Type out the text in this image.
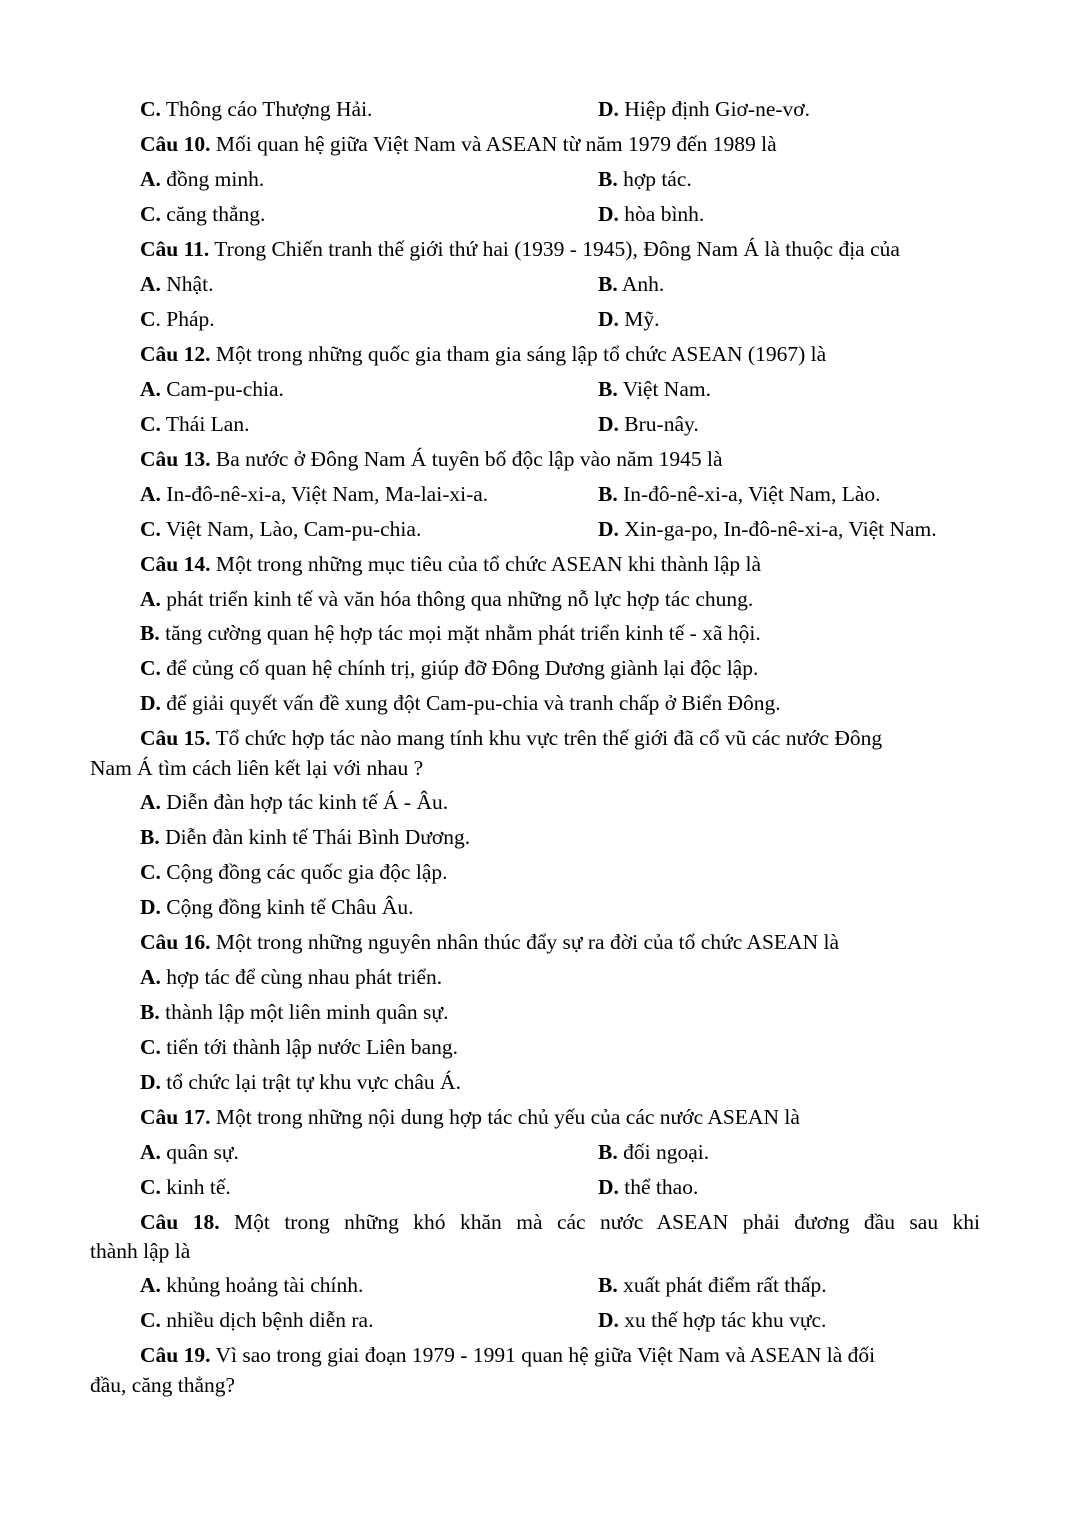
C. Thông cáo Thượng Hải.	D. Hiệp định Giơ-ne-vơ.
Câu 10. Mối quan hệ giữa Việt Nam và ASEAN từ năm 1979 đến 1989 là
A. đồng minh.	B. hợp tác.
C. căng thẳng.	D. hòa bình.
Câu 11. Trong Chiến tranh thế giới thứ hai (1939 - 1945), Đông Nam Á là thuộc địa của
A. Nhật.	B. Anh.
C. Pháp.	D. Mỹ.
Câu 12. Một trong những quốc gia tham gia sáng lập tổ chức ASEAN (1967) là
A. Cam-pu-chia.	B. Việt Nam.
C. Thái Lan.	D. Bru-nây.
Câu 13. Ba nước ở Đông Nam Á tuyên bố độc lập vào năm 1945 là
A. In-đô-nê-xi-a, Việt Nam, Ma-lai-xi-a.	B. In-đô-nê-xi-a, Việt Nam, Lào.
C. Việt Nam, Lào, Cam-pu-chia.	D. Xin-ga-po, In-đô-nê-xi-a, Việt Nam.
Câu 14. Một trong những mục tiêu của tổ chức ASEAN khi thành lập là
A. phát triển kinh tế và văn hóa thông qua những nỗ lực hợp tác chung.
B. tăng cường quan hệ hợp tác mọi mặt nhằm phát triển kinh tế - xã hội.
C. để củng cố quan hệ chính trị, giúp đỡ Đông Dương giành lại độc lập.
D. để giải quyết vấn đề xung đột Cam-pu-chia và tranh chấp ở Biển Đông.
Câu 15. Tổ chức hợp tác nào mang tính khu vực trên thế giới đã cổ vũ các nước Đông
Nam Á tìm cách liên kết lại với nhau ?
A. Diễn đàn hợp tác kinh tế Á - Âu.
B. Diễn đàn kinh tế Thái Bình Dương.
C. Cộng đồng các quốc gia độc lập.
D. Cộng đồng kinh tế Châu Âu.
Câu 16. Một trong những nguyên nhân thúc đẩy sự ra đời của tổ chức ASEAN là
A. hợp tác để cùng nhau phát triển.
B. thành lập một liên minh quân sự.
C. tiến tới thành lập nước Liên bang.
D. tổ chức lại trật tự khu vực châu Á.
Câu 17. Một trong những nội dung hợp tác chủ yếu của các nước ASEAN là
A. quân sự.	B. đối ngoại.
C. kinh tế.	D. thể thao.
Câu 18. Một trong những khó khăn mà các nước ASEAN phải đương đầu sau khi
thành lập là
A. khủng hoảng tài chính.	B. xuất phát điểm rất thấp.
C. nhiều dịch bệnh diễn ra.	D. xu thế hợp tác khu vực.
Câu 19. Vì sao trong giai đoạn 1979 - 1991 quan hệ giữa Việt Nam và ASEAN là đối
đầu, căng thẳng?
